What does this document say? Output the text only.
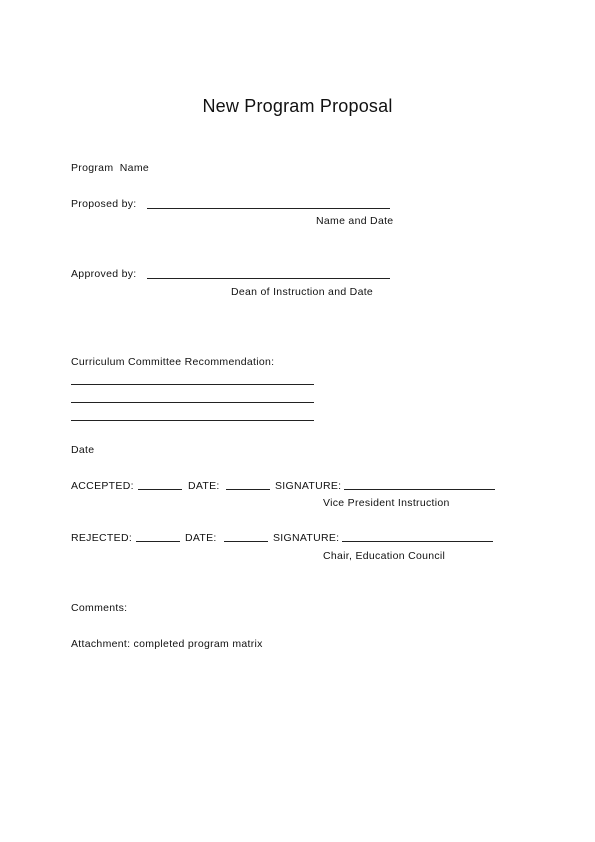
New Program Proposal
Program  Name
Proposed by:
Name and Date
Approved by:
Dean of Instruction and Date
Curriculum Committee Recommendation:
Date
ACCEPTED:	DATE:	SIGNATURE:
Vice President Instruction
REJECTED:	DATE:	SIGNATURE:
Chair, Education Council
Comments:
Attachment: completed program matrix
